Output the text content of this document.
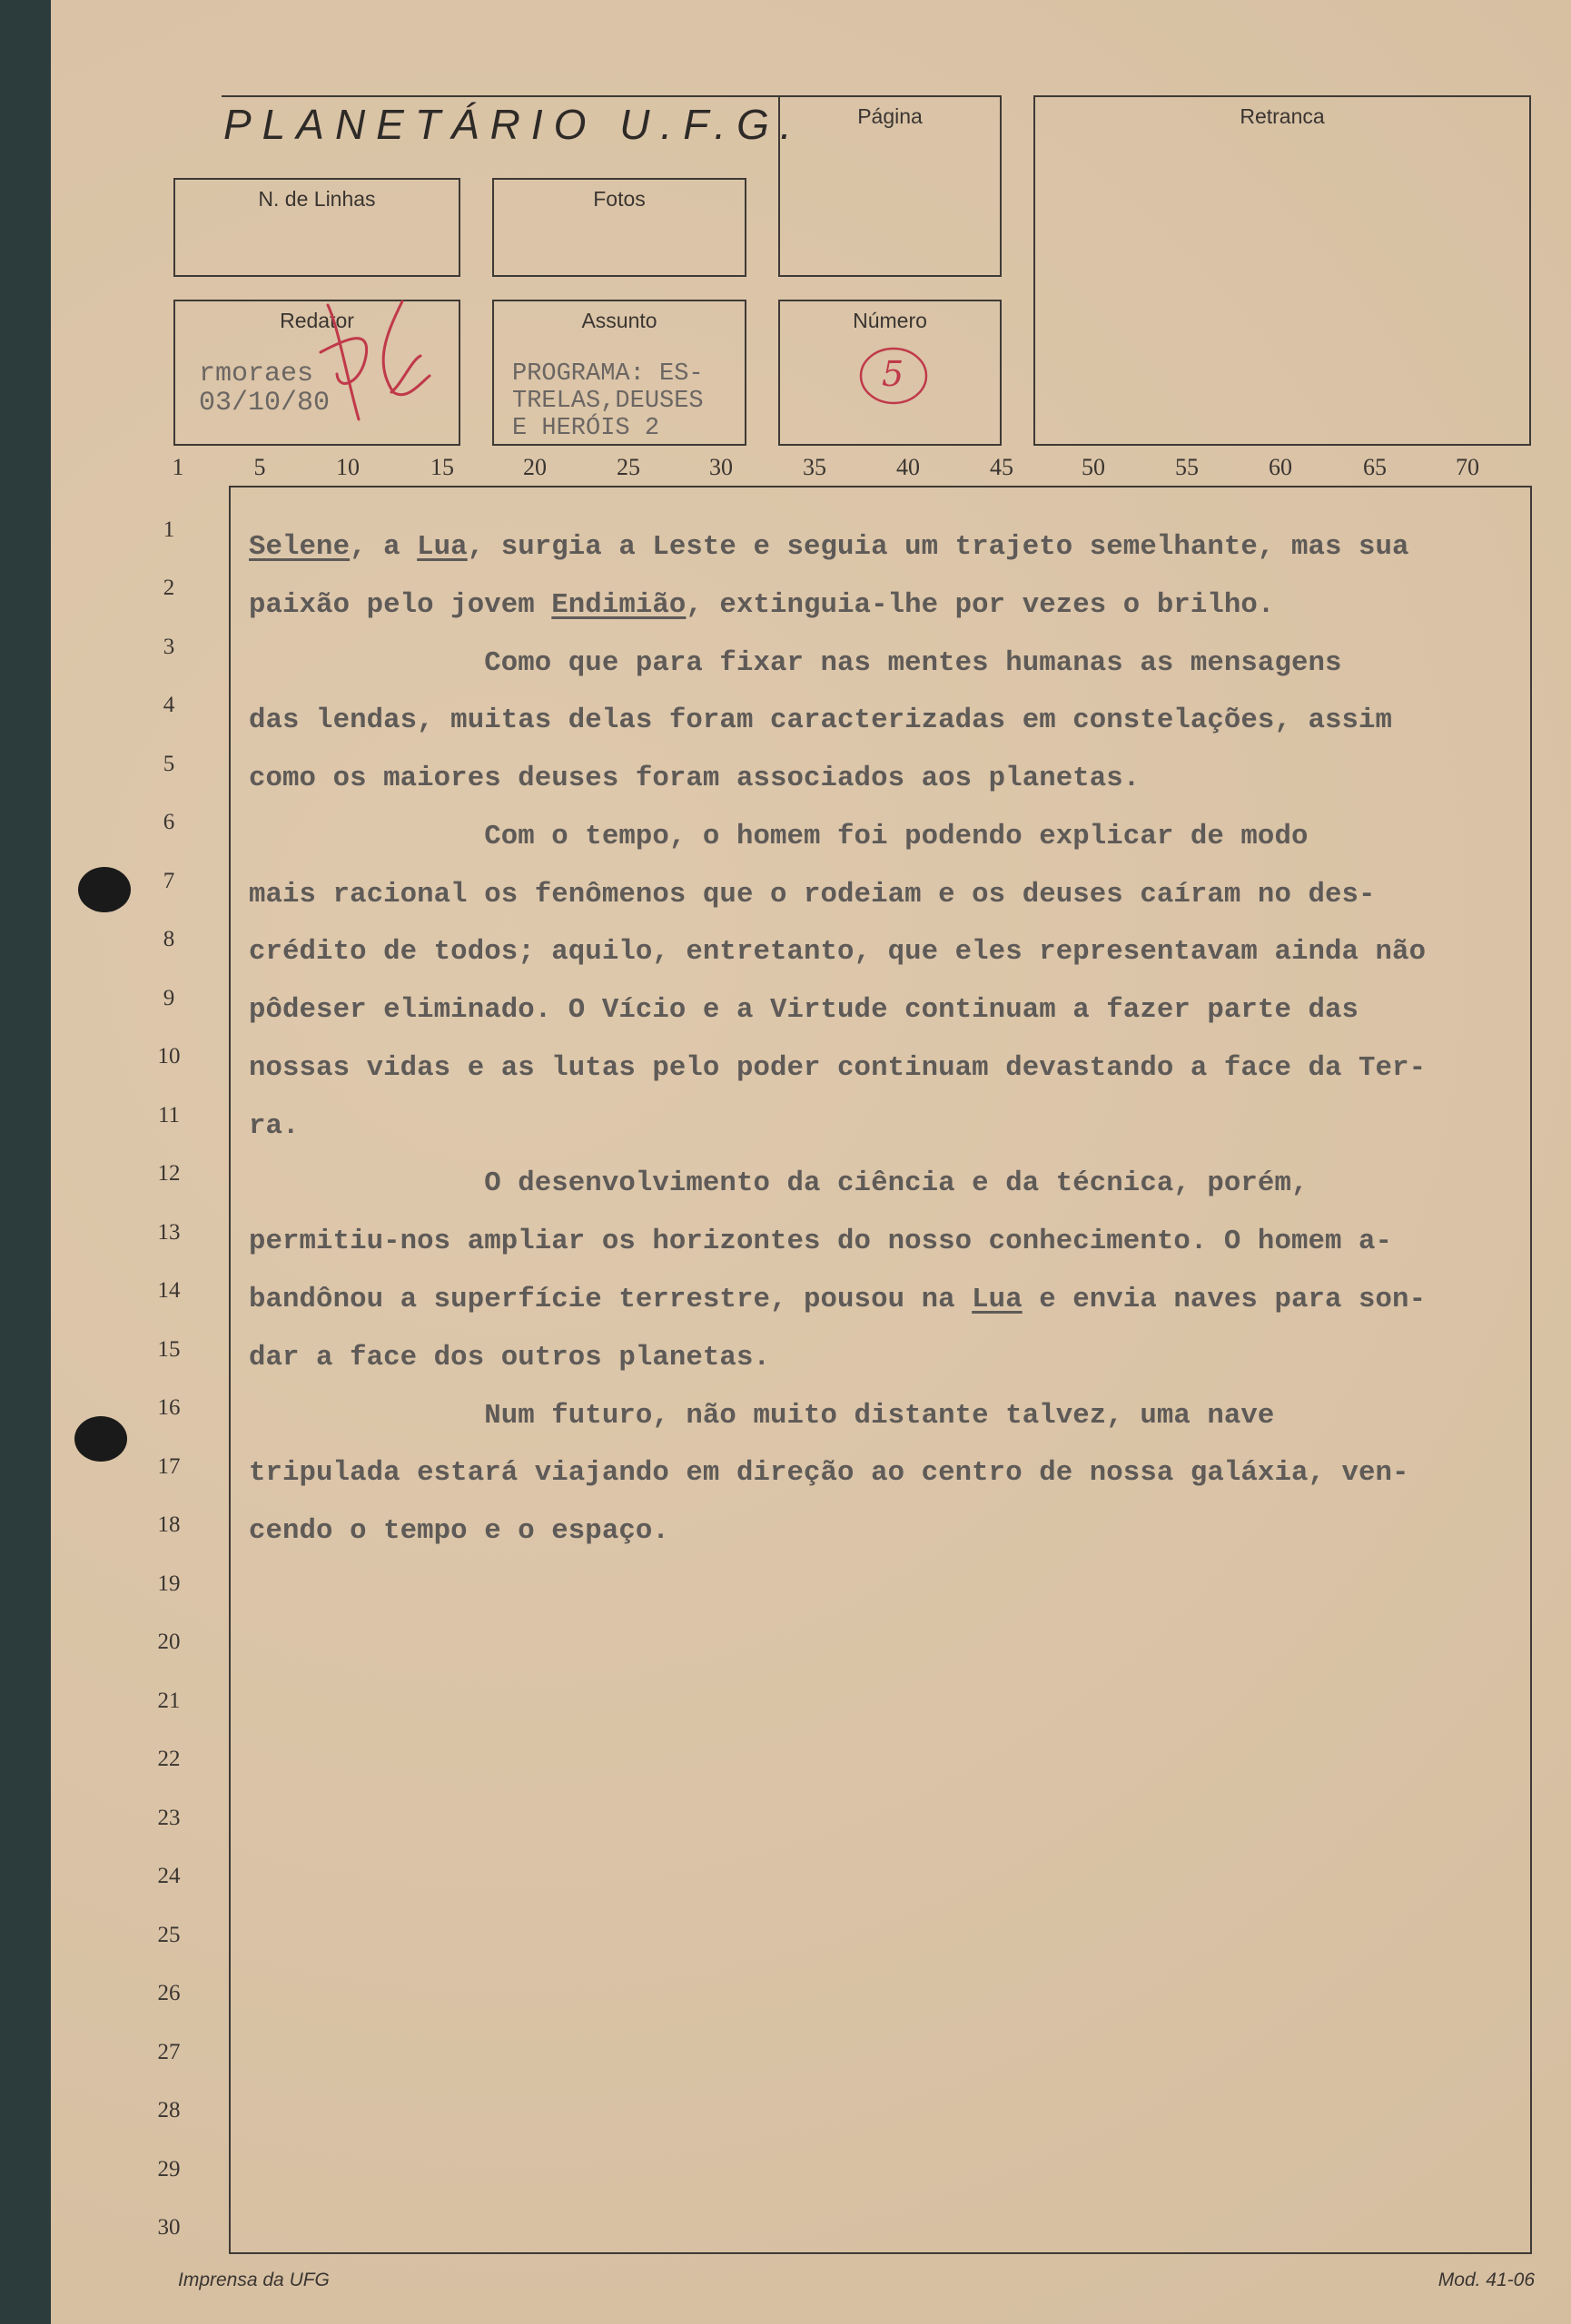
PLANETÁRIO U.F.G.	Página	Retranca
N. de Linhas	Fotos
Redator
rmoraes
03/10/80
Assunto
PROGRAMA: ES-
TRELAS,DEUSES
E HERÓIS 2
Número
5
1	5	10	15	20	25	30	35	40	45	50	55	60	65	70
1
2
3
4
5
6
7
8
9
10
11
12
13
14
15
16
17
18
19
20
21
22
23
24
25
26
27
28
29
30
Selene, a Lua, surgia a Leste e seguia um trajeto semelhante, mas sua
paixão pelo jovem Endimião, extinguia-lhe por vezes o brilho.
Como que para fixar nas mentes humanas as mensagens
das lendas, muitas delas foram caracterizadas em constelações, assim
como os maiores deuses foram associados aos planetas.
Com o tempo, o homem foi podendo explicar de modo
mais racional os fenômenos que o rodeiam e os deuses caíram no des-
crédito de todos; aquilo, entretanto, que eles representavam ainda não
pôdeser eliminado. O Vício e a Virtude continuam a fazer parte das
nossas vidas e as lutas pelo poder continuam devastando a face da Ter-
ra.
O desenvolvimento da ciência e da técnica, porém,
permitiu-nos ampliar os horizontes do nosso conhecimento. O homem a-
bandônou a superfície terrestre, pousou na Lua e envia naves para son-
dar a face dos outros planetas.
Num futuro, não muito distante talvez, uma nave
tripulada estará viajando em direção ao centro de nossa galáxia, ven-
cendo o tempo e o espaço.
Imprensa da UFG	Mod. 41-06
